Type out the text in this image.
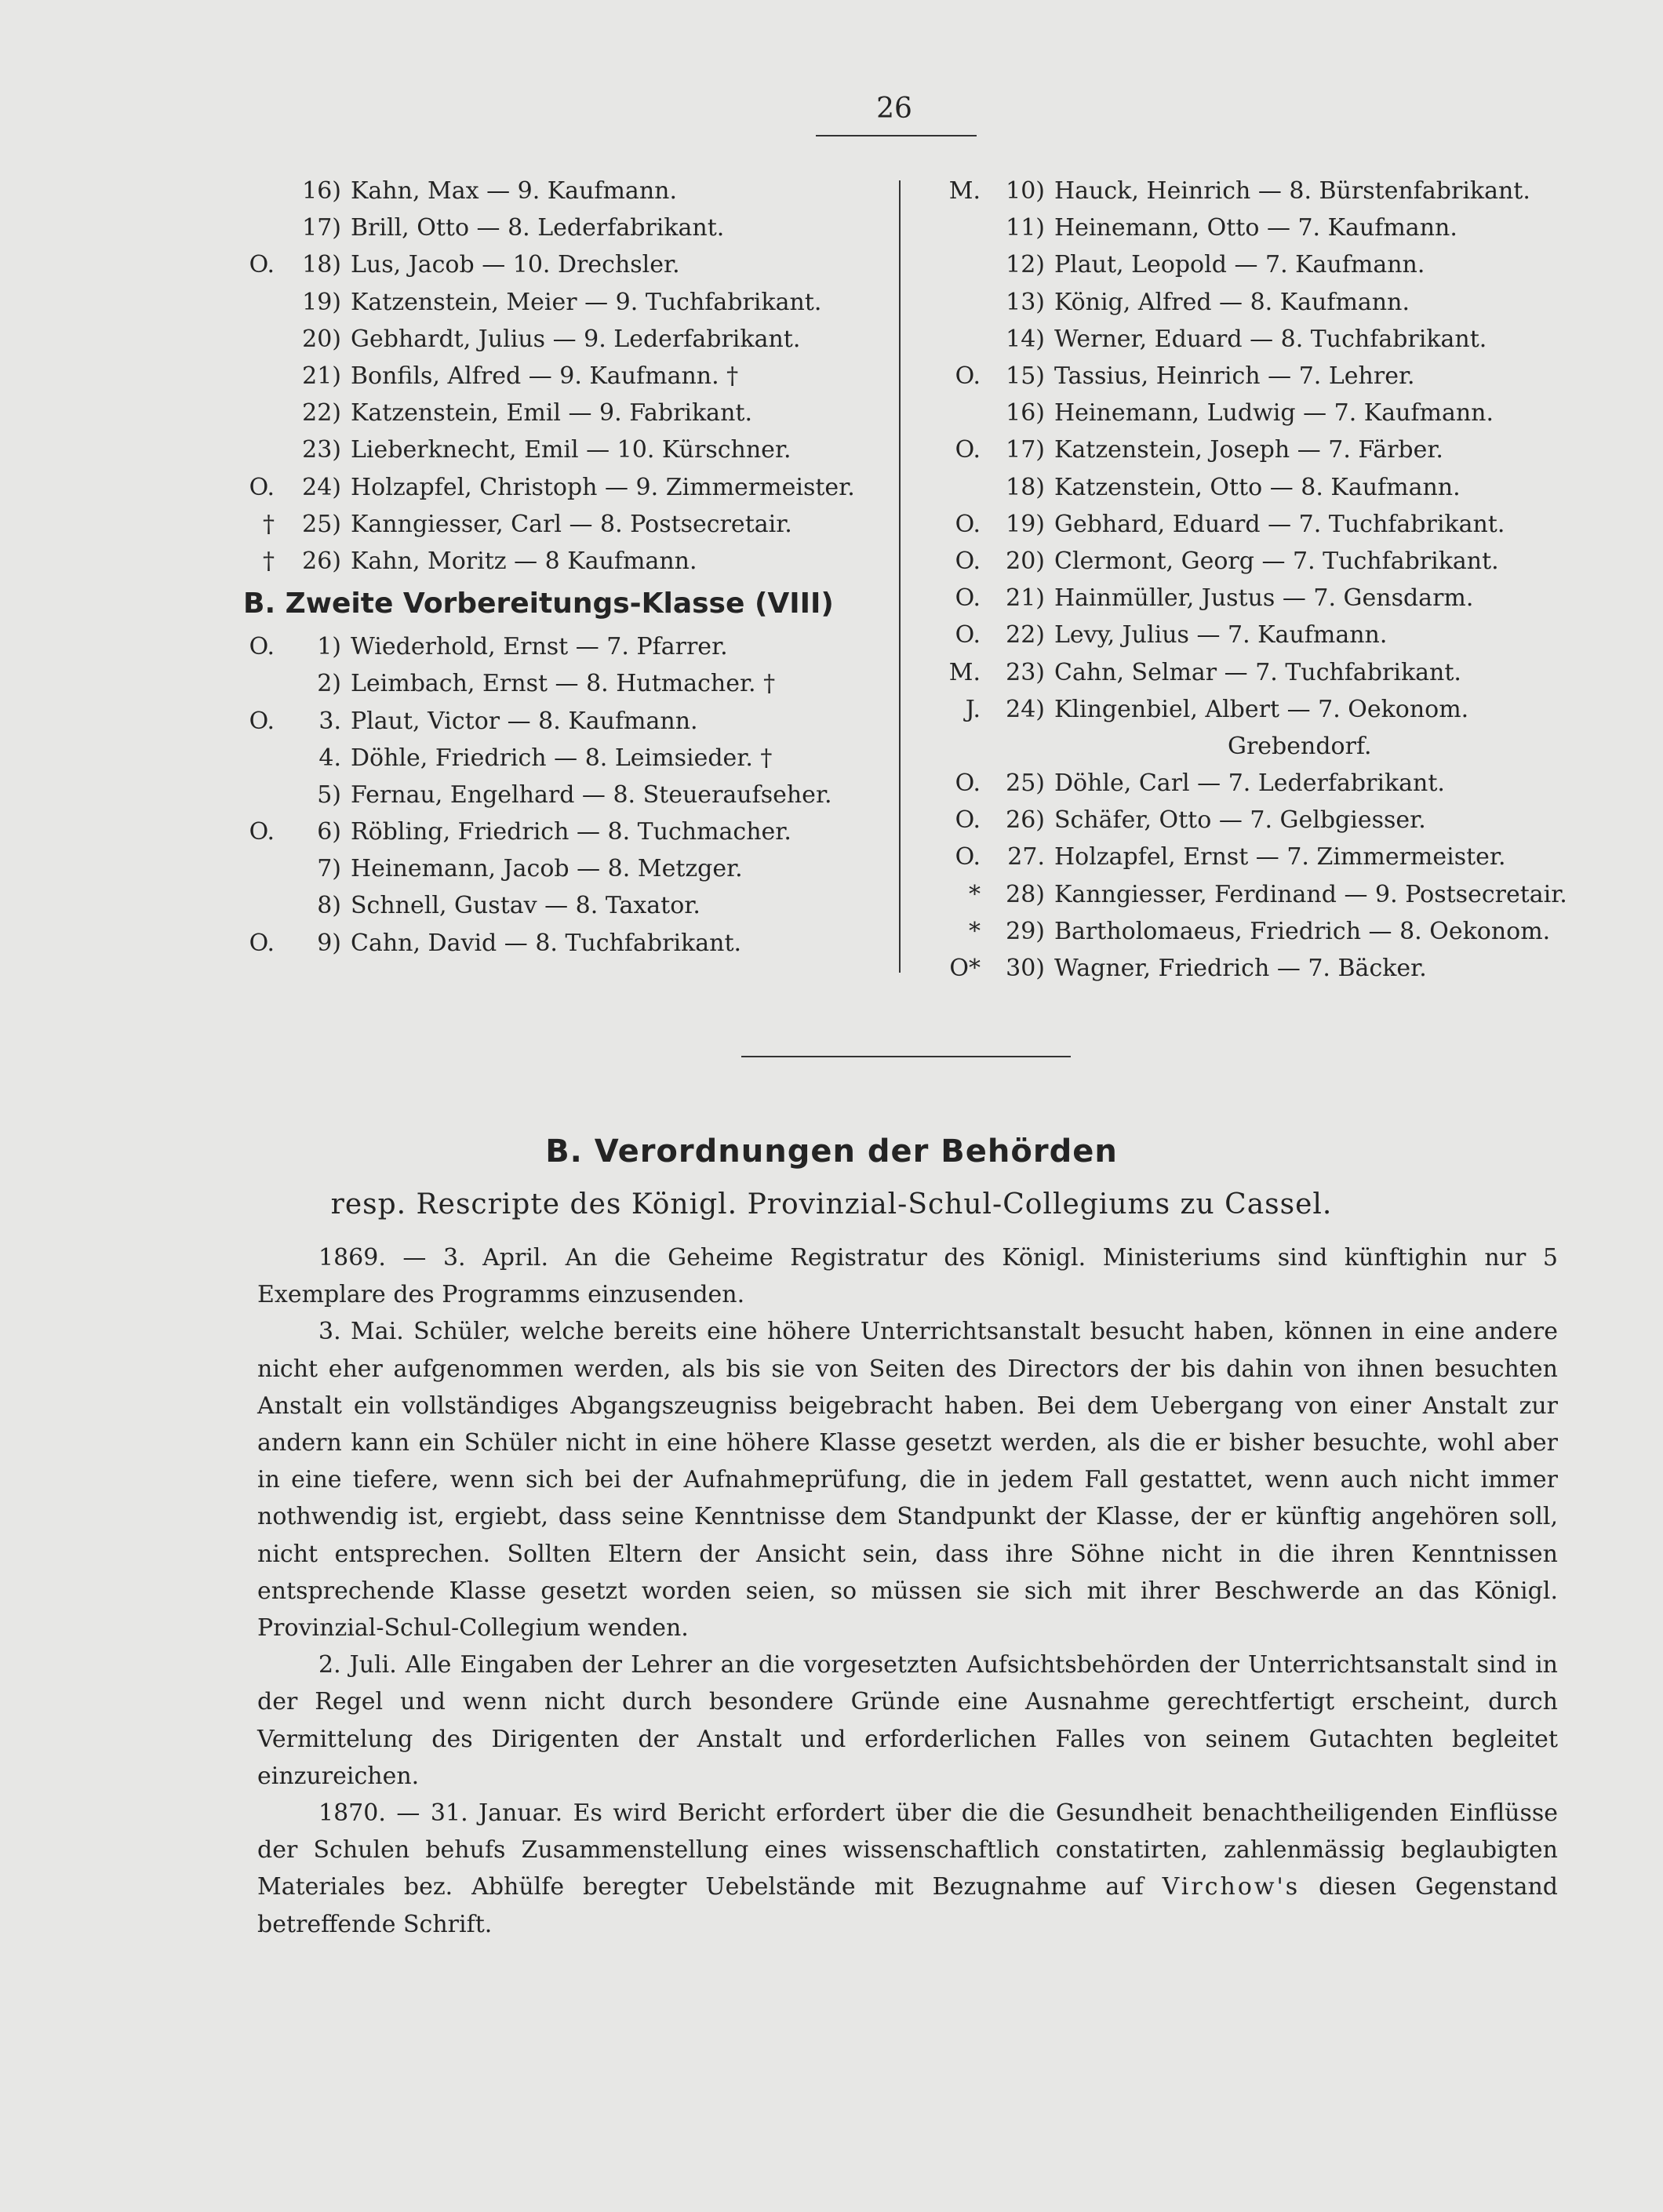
26
16) Kahn, Max — 9. Kaufmann.
17) Brill, Otto — 8. Lederfabrikant.
O.	18) Lus, Jacob — 10. Drechsler.
19) Katzenstein, Meier — 9. Tuchfabrikant.
20) Gebhardt, Julius — 9. Lederfabrikant.
21) Bonfils, Alfred — 9. Kaufmann. †
22) Katzenstein, Emil — 9. Fabrikant.
23) Lieberknecht, Emil — 10. Kürschner.
O.	24) Holzapfel, Christoph — 9. Zimmermeister.
†	25) Kanngiesser, Carl — 8. Postsecretair.
†	26) Kahn, Moritz — 8 Kaufmann.
B. Zweite Vorbereitungs-Klasse (VIII)
O.	1) Wiederhold, Ernst — 7. Pfarrer.
2) Leimbach, Ernst — 8. Hutmacher. †
O.	3. Plaut, Victor — 8. Kaufmann.
4. Döhle, Friedrich — 8. Leimsieder. †
5) Fernau, Engelhard — 8. Steueraufseher.
O.	6) Röbling, Friedrich — 8. Tuchmacher.
7) Heinemann, Jacob — 8. Metzger.
8) Schnell, Gustav — 8. Taxator.
O.	9) Cahn, David — 8. Tuchfabrikant.
M.	10) Hauck, Heinrich — 8. Bürstenfabrikant.
11) Heinemann, Otto — 7. Kaufmann.
12) Plaut, Leopold — 7. Kaufmann.
13) König, Alfred — 8. Kaufmann.
14) Werner, Eduard — 8. Tuchfabrikant.
O.	15) Tassius, Heinrich — 7. Lehrer.
16) Heinemann, Ludwig — 7. Kaufmann.
O.	17) Katzenstein, Joseph — 7. Färber.
18) Katzenstein, Otto — 8. Kaufmann.
O.	19) Gebhard, Eduard — 7. Tuchfabrikant.
O.	20) Clermont, Georg — 7. Tuchfabrikant.
O.	21) Hainmüller, Justus — 7. Gensdarm.
O.	22) Levy, Julius — 7. Kaufmann.
M.	23) Cahn, Selmar — 7. Tuchfabrikant.
J.	24) Klingenbiel, Albert — 7. Oekonom.
Grebendorf.
O.	25) Döhle, Carl — 7. Lederfabrikant.
O.	26) Schäfer, Otto — 7. Gelbgiesser.
O.	27. Holzapfel, Ernst — 7. Zimmermeister.
*	28) Kanngiesser, Ferdinand — 9. Postsecretair.
*	29) Bartholomaeus, Friedrich — 8. Oekonom.
O*	30) Wagner, Friedrich — 7. Bäcker.
B. Verordnungen der Behörden
resp. Rescripte des Königl. Provinzial-Schul-Collegiums zu Cassel.

1869. — 3. April. An die Geheime Registratur des Königl. Ministeriums sind künftighin nur 5 Exemplare des Programms einzusenden.

3. Mai. Schüler, welche bereits eine höhere Unterrichtsanstalt besucht haben, können in eine andere nicht eher aufgenommen werden, als bis sie von Seiten des Directors der bis dahin von ihnen besuchten Anstalt ein vollständiges Abgangszeugniss beigebracht haben. Bei dem Uebergang von einer Anstalt zur andern kann ein Schüler nicht in eine höhere Klasse gesetzt werden, als die er bisher besuchte, wohl aber in eine tiefere, wenn sich bei der Aufnahmeprüfung, die in jedem Fall gestattet, wenn auch nicht immer nothwendig ist, ergiebt, dass seine Kenntnisse dem Standpunkt der Klasse, der er künftig angehören soll, nicht entsprechen. Sollten Eltern der Ansicht sein, dass ihre Söhne nicht in die ihren Kenntnissen entsprechende Klasse gesetzt worden seien, so müssen sie sich mit ihrer Beschwerde an das Königl. Provinzial-Schul-Collegium wenden.

2. Juli. Alle Eingaben der Lehrer an die vorgesetzten Aufsichtsbehörden der Unterrichtsanstalt sind in der Regel und wenn nicht durch besondere Gründe eine Ausnahme gerechtfertigt erscheint, durch Vermittelung des Dirigenten der Anstalt und erforderlichen Falles von seinem Gutachten begleitet einzureichen.

1870. — 31. Januar. Es wird Bericht erfordert über die die Gesundheit benachtheiligenden Einflüsse der Schulen behufs Zusammenstellung eines wissenschaftlich constatirten, zahlenmässig beglaubigten Materiales bez. Abhülfe beregter Uebelstände mit Bezugnahme auf Virchow's diesen Gegenstand betreffende Schrift.
